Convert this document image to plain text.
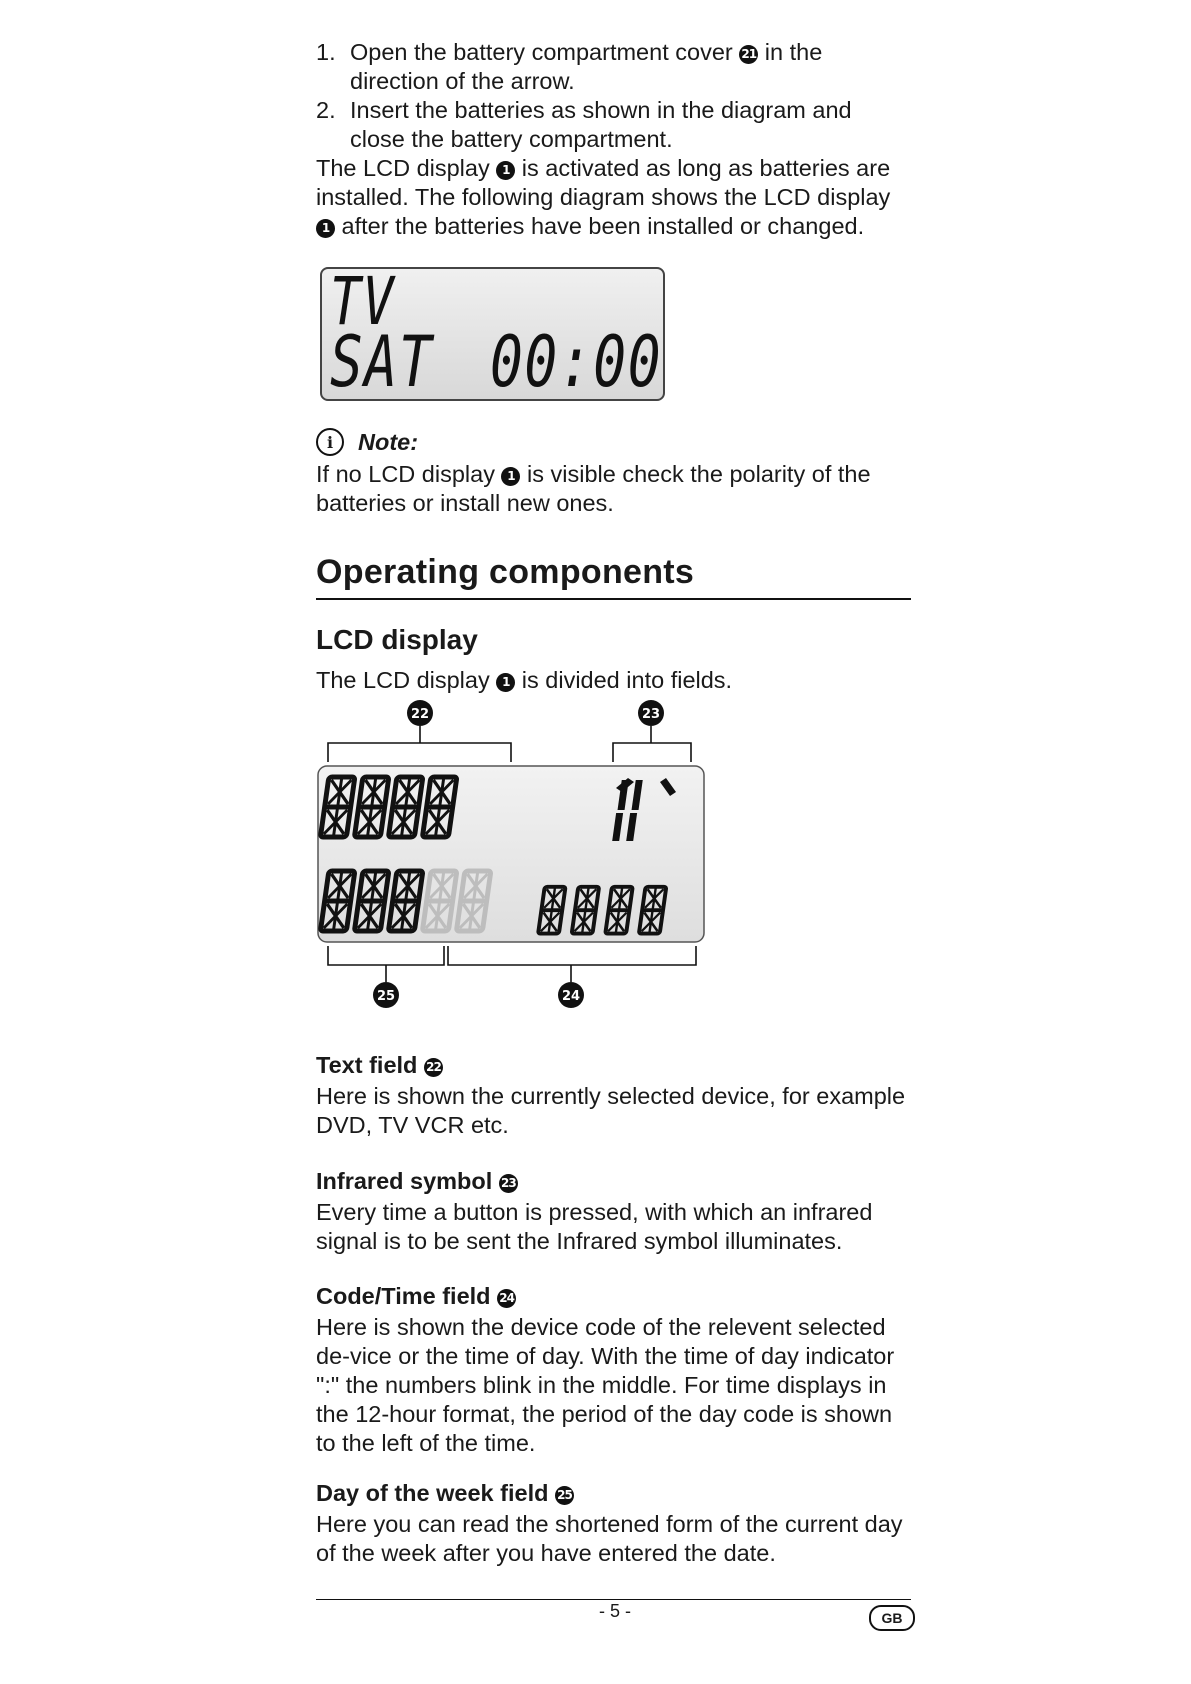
1. Open the battery compartment cover 21 in the direction of the arrow.
2. Insert the batteries as shown in the diagram and close the battery compartment.

The LCD display 1 is activated as long as batteries are installed. The following diagram shows the LCD display 1 after the batteries have been installed or changed.

TV
SAT 00:00
i	Note:

If no LCD display 1 is visible check the polarity of the batteries or install new ones.

Operating components
LCD display

The LCD display 1 is divided into fields.

22	23
25	24
Text field 22
Here is shown the currently selected device, for example DVD, TV VCR etc.
Infrared symbol 23
Every time a button is pressed, with which an infrared signal is to be sent the Infrared symbol illuminates.
Code/Time field 24
Here is shown the device code of the relevent selected de-vice or the time of day. With the time of day indicator ":" the numbers blink in the middle. For time displays in the 12-hour format, the period of the day code is shown to the left of the time.
Day of the week field 25
Here you can read the shortened form of the current day of the week after you have entered the date.
- 5 -	GB
